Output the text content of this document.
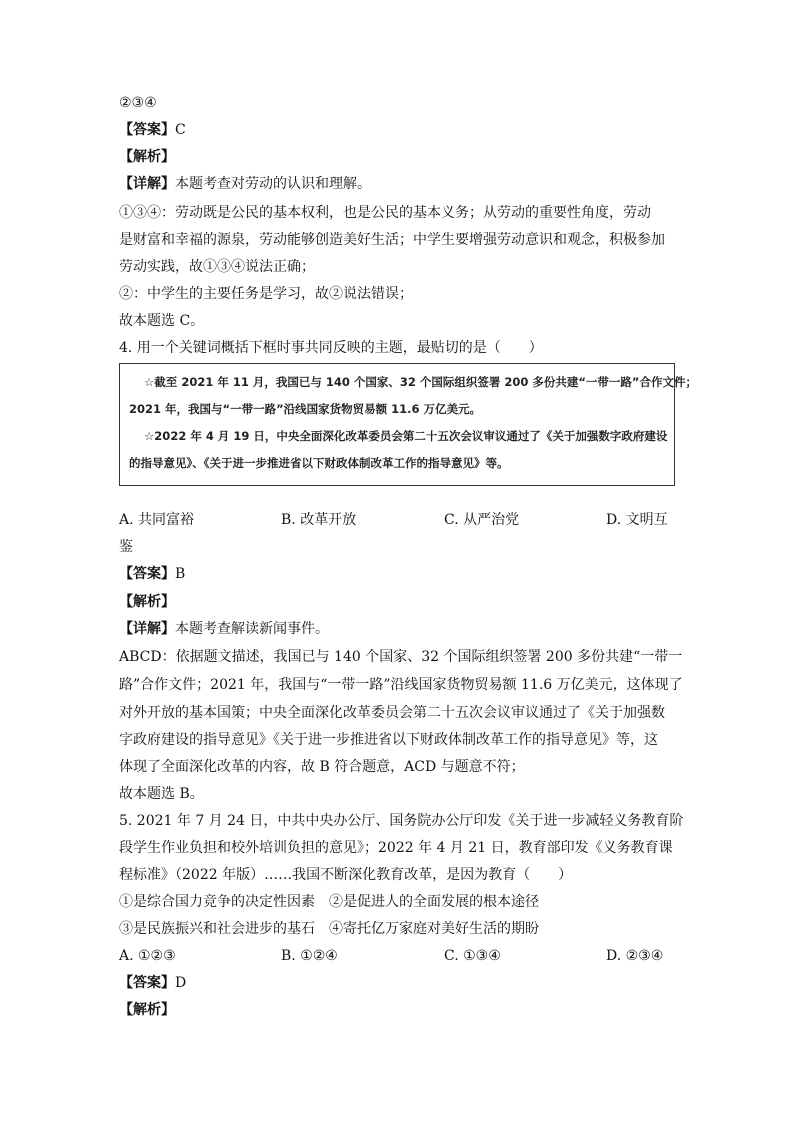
②③④
【答案】C
【解析】
【详解】本题考查对劳动的认识和理解。
①③④：劳动既是公民的基本权利，也是公民的基本义务；从劳动的重要性角度，劳动
是财富和幸福的源泉，劳动能够创造美好生活；中学生要增强劳动意识和观念，积极参加
劳动实践，故①③④说法正确；
②：中学生的主要任务是学习，故②说法错误；
故本题选 C。
4. 用一个关键词概括下框时事共同反映的主题，最贴切的是（　　）
☆截至 2021 年 11 月，我国已与 140 个国家、32 个国际组织签署 200 多份共建“一带一路”合作文件；
2021 年，我国与“一带一路”沿线国家货物贸易额 11.6 万亿美元。
☆2022 年 4 月 19 日，中央全面深化改革委员会第二十五次会议审议通过了《关于加强数字政府建设
的指导意见》、《关于进一步推进省以下财政体制改革工作的指导意见》等。
A. 共同富裕	B. 改革开放	C. 从严治党	D. 文明互
鉴
【答案】B
【解析】
【详解】本题考查解读新闻事件。
ABCD：依据题文描述，我国已与 140 个国家、32 个国际组织签署 200 多份共建“一带一
路”合作文件；2021 年，我国与“一带一路”沿线国家货物贸易额 11.6 万亿美元，这体现了
对外开放的基本国策；中央全面深化改革委员会第二十五次会议审议通过了《关于加强数
字政府建设的指导意见》《关于进一步推进省以下财政体制改革工作的指导意见》等，这
体现了全面深化改革的内容，故 B 符合题意，ACD 与题意不符；
故本题选 B。
5. 2021 年 7 月 24 日，中共中央办公厅、国务院办公厅印发《关于进一步减轻义务教育阶
段学生作业负担和校外培训负担的意见》；2022 年 4 月 21 日，教育部印发《义务教育课
程标准》（2022 年版）……我国不断深化教育改革，是因为教育（　　）
①是综合国力竞争的决定性因素　②是促进人的全面发展的根本途径
③是民族振兴和社会进步的基石　④寄托亿万家庭对美好生活的期盼
A. ①②③	B. ①②④	C. ①③④	D. ②③④
【答案】D
【解析】
